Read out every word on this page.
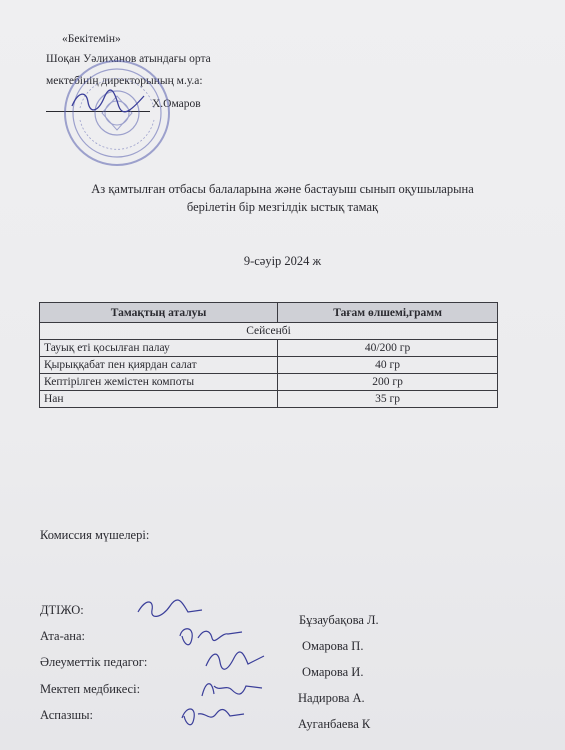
«Бекітемін»
Шоқан Уәлиханов атындағы орта
мектебінің директорының м.у.а:
Х.Омаров
Аз қамтылған отбасы балаларына және бастауыш сынып оқушыларына
берілетін бір мезгілдік ыстық тамақ
9-сәуір 2024 ж
Тамақтың аталуы	Тағам өлшемі,грамм
Сейсенбі	
Тауық еті қосылған палау	40/200 гр
Қырыққабат пен қиярдан салат	40 гр
Кептірілген жемістен компоты	200 гр
Нан	35 гр
Комиссия мүшелері:
ДТІЖО:
Бұзаубақова Л.
Ата-ана:
Омарова П.
Әлеуметтік педагог:
Омарова И.
Мектеп медбикесі:
Надирова А.
Аспазшы:
Ауганбаева К
